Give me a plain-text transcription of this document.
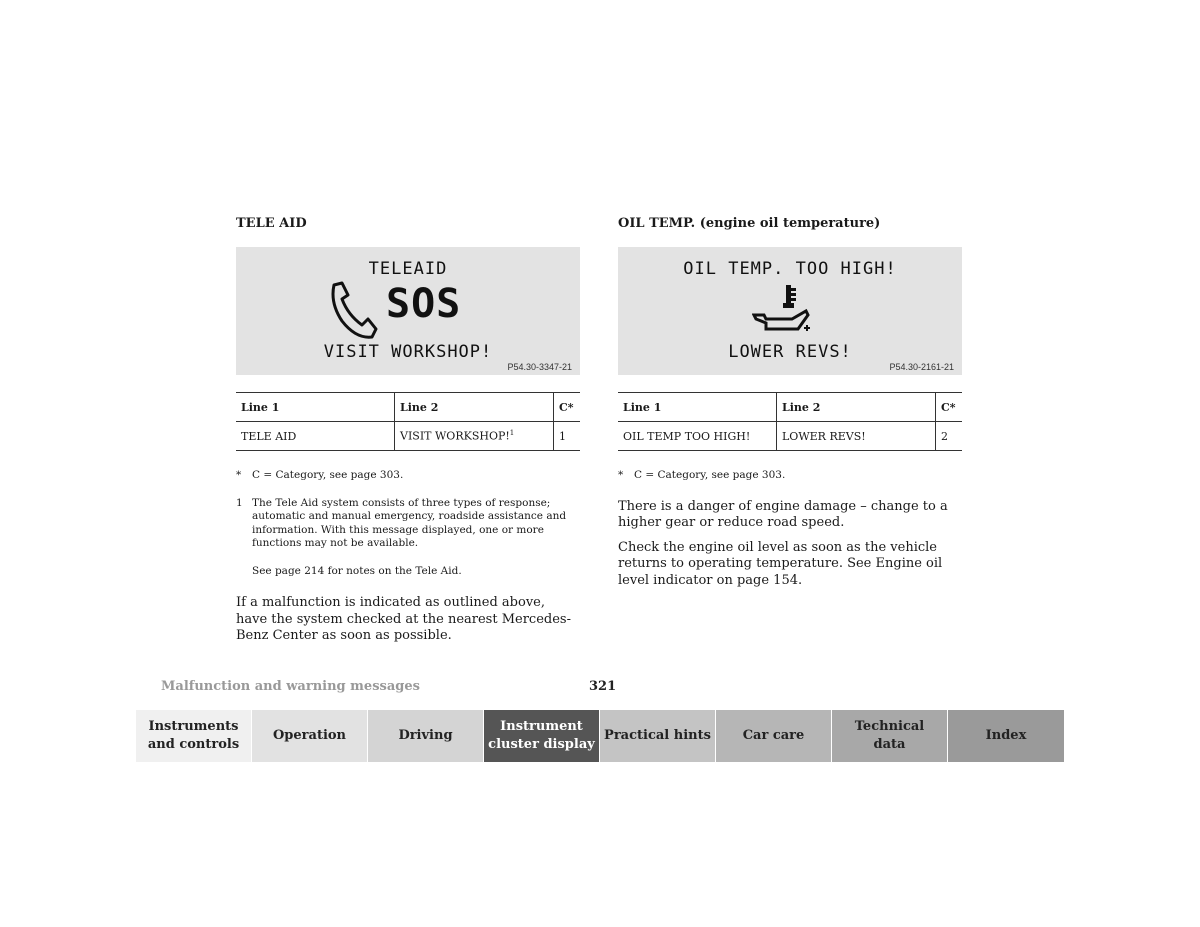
TELE AID
TELEAID
SOS
VISIT WORKSHOP!
P54.30-3347-21
Line 1	Line 2	C*
TELE AID	VISIT WORKSHOP!$^1$	1

* C = Category, see page 303.

1 The Tele Aid system consists of three types of response; automatic and manual emergency, roadside assistance and information. With this message displayed, one or more functions may not be available.

See page 214 for notes on the Tele Aid.

If a malfunction is indicated as outlined above, have the system checked at the nearest Mercedes-Benz Center as soon as possible.

OIL TEMP. (engine oil temperature)
OIL TEMP. TOO HIGH!
LOWER REVS!
P54.30-2161-21
Line 1	Line 2	C*
OIL TEMP TOO HIGH!	LOWER REVS!	2

* C = Category, see page 303.

There is a danger of engine damage – change to a higher gear or reduce road speed.

Check the engine oil level as soon as the vehicle returns to operating temperature. See Engine oil level indicator on page 154.

Malfunction and warning messages	321
Instruments
and controls
Operation	Driving
Instrument
cluster display
Practical hints Car care
Technical
data
Index
